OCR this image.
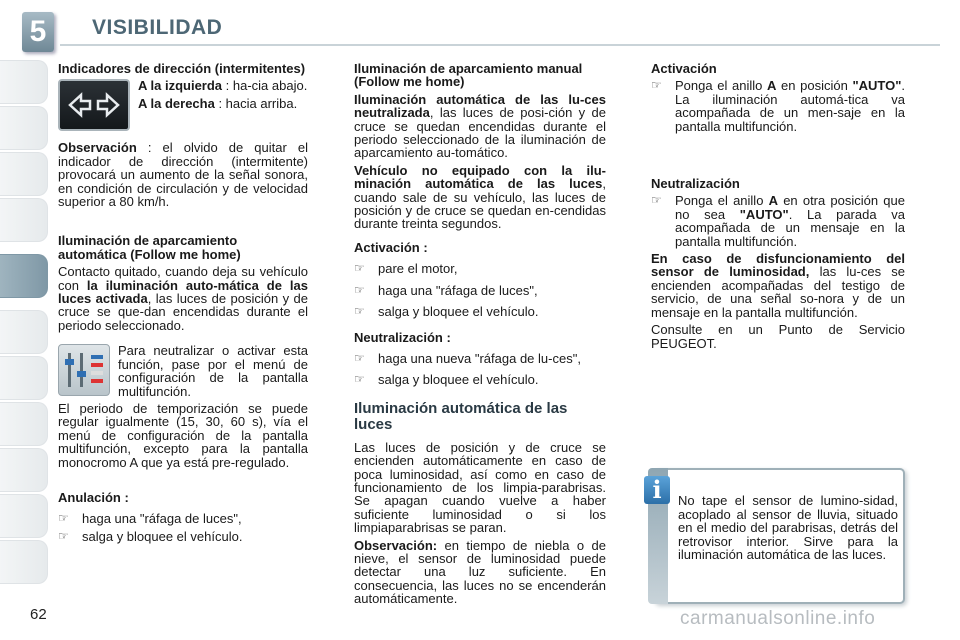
5	VISIBILIDAD
Indicadores de dirección (intermitentes)
A la izquierda : ha-cia abajo.
A la derecha : hacia arriba.
Observación : el olvido de quitar el indicador de dirección (intermitente) provocará un aumento de la señal sonora, en condición de circulación y de velocidad superior a 80 km/h.
Iluminación de aparcamiento automática (Follow me home)
Contacto quitado, cuando deja su vehículo con la iluminación auto-mática de las luces activada, las luces de posición y de cruce se que-dan encendidas durante el periodo seleccionado.
Para neutralizar o activar esta función, pase por el menú de configuración de la pantalla multifunción.
El periodo de temporización se puede regular igualmente (15, 30, 60 s), vía el menú de configuración de la pantalla multifunción, excepto para la pantalla monocromo A que ya está pre-regulado.
Anulación :
☞ haga una "ráfaga de luces",
☞ salga y bloquee el vehículo.
Iluminación de aparcamiento manual (Follow me home)
Iluminación automática de las lu-ces neutralizada, las luces de posi-ción y de cruce se quedan encendidas durante el periodo seleccionado de la iluminación de aparcamiento au-tomático.
Vehículo no equipado con la ilu-minación automática de las luces, cuando sale de su vehículo, las luces de posición y de cruce se quedan en-cendidas durante treinta segundos.
Activación :
☞ pare el motor,
☞ haga una "ráfaga de luces",
☞ salga y bloquee el vehículo.
Neutralización :
☞ haga una nueva "ráfaga de lu-ces",
☞ salga y bloquee el vehículo.
Iluminación automática de las luces
Las luces de posición y de cruce se encienden automáticamente en caso de poca luminosidad, así como en caso de funcionamiento de los limpia-parabrisas. Se apagan cuando vuelve a haber suficiente luminosidad o si los limpiaparabrisas se paran.
Observación: en tiempo de niebla o de nieve, el sensor de luminosidad puede detectar una luz suficiente. En consecuencia, las luces no se encenderán automáticamente.
Activación
☞ Ponga el anillo A en posición "AUTO". La iluminación automá-tica va acompañada de un men-saje en la pantalla multifunción.
Neutralización
☞ Ponga el anillo A en otra posición que no sea "AUTO". La parada va acompañada de un mensaje en la pantalla multifunción.
En caso de disfuncionamiento del sensor de luminosidad, las lu-ces se encienden acompañadas del testigo de servicio, de una señal so-nora y de un mensaje en la pantalla multifunción.
Consulte en un Punto de Servicio PEUGEOT.
i	No tape el sensor de lumino-sidad, acoplado al sensor de lluvia, situado en el medio del parabrisas, detrás del retrovisor interior. Sirve para la iluminación automática de las luces.
62	carmanualsonline.info
